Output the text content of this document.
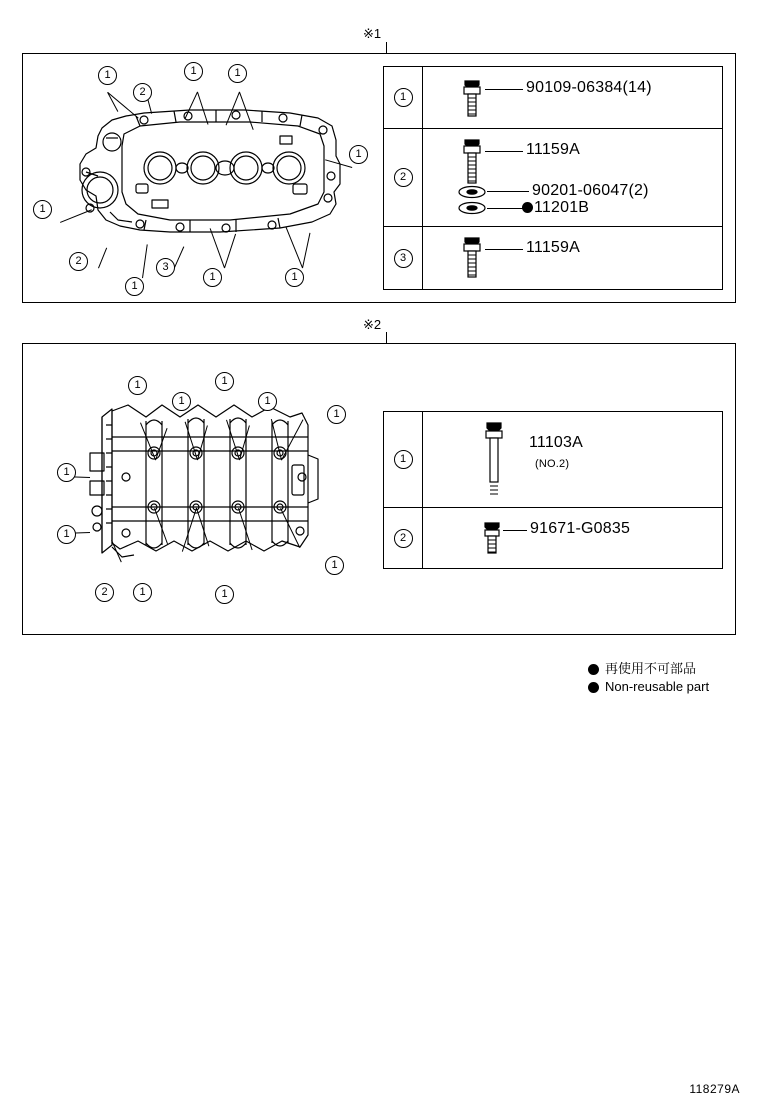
※1
1	1	1
2
1
1
2	3
1
1	1
1
90109-06384(14)
2
11159A
90201-06047(2)
11201B
3
11159A
※2
1
1
1
1
1
1
1
2	1	1
1
1
11103A
(NO.2)
2
91671-G0835
再使用不可部品
Non-reusable part
118279A
